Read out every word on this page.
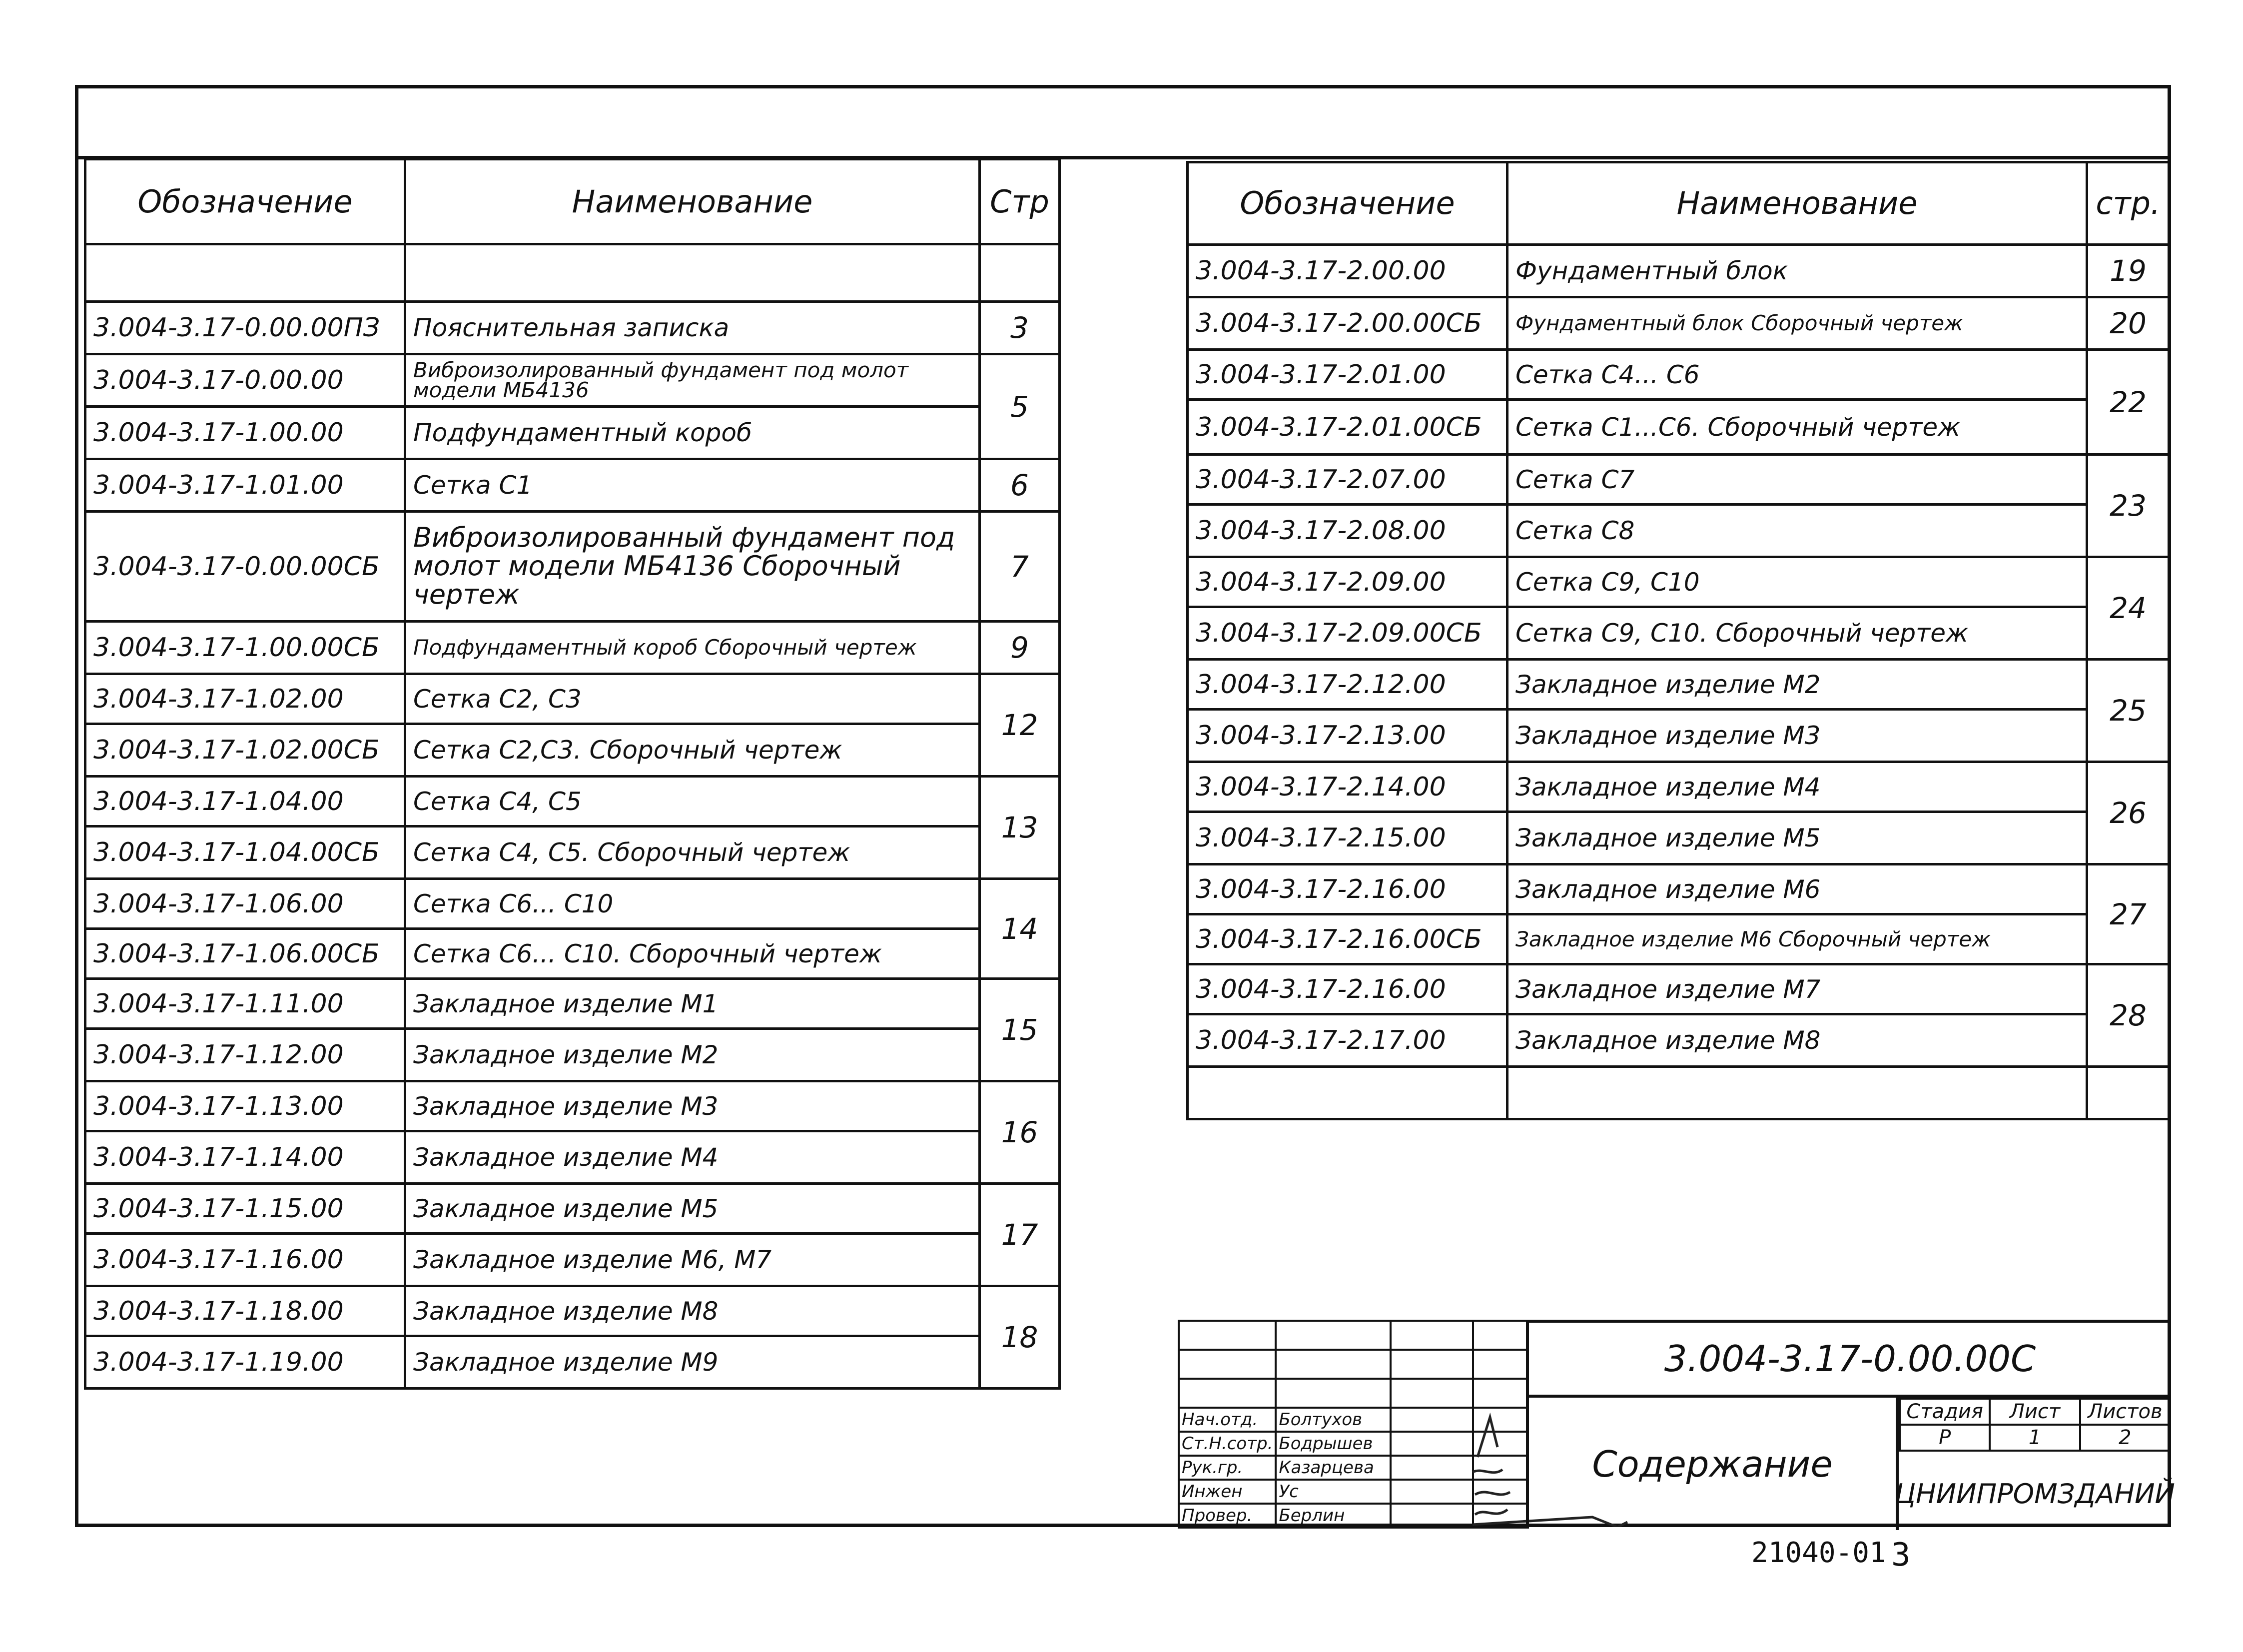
Обозначение	Наименование	Стр

3.004-3.17-0.00.00ПЗ	Пояснительная записка	3
3.004-3.17-0.00.00	Виброизолированный фундамент под молот модели МБ4136	5
3.004-3.17-1.00.00	Подфундаментный короб	
3.004-3.17-1.01.00	Сетка С1	6
3.004-3.17-0.00.00СБ	Виброизолированный фундамент под молот модели МБ4136 Сборочный чертеж	7
3.004-3.17-1.00.00СБ	Подфундаментный короб Сборочный чертеж	9
3.004-3.17-1.02.00	Сетка С2, С3	12
3.004-3.17-1.02.00СБ	Сетка С2,С3. Сборочный чертеж	
3.004-3.17-1.04.00	Сетка С4, С5	13
3.004-3.17-1.04.00СБ	Сетка С4, С5. Сборочный чертеж	
3.004-3.17-1.06.00	Сетка С6... С10	14
3.004-3.17-1.06.00СБ	Сетка С6... С10. Сборочный чертеж	
3.004-3.17-1.11.00	Закладное изделие М1	15
3.004-3.17-1.12.00	Закладное изделие М2	
3.004-3.17-1.13.00	Закладное изделие М3	16
3.004-3.17-1.14.00	Закладное изделие М4	
3.004-3.17-1.15.00	Закладное изделие М5	17
3.004-3.17-1.16.00	Закладное изделие М6, М7	
3.004-3.17-1.18.00	Закладное изделие М8	18
3.004-3.17-1.19.00	Закладное изделие М9	
Обозначение	Наименование	стр.
3.004-3.17-2.00.00	Фундаментный блок	19
3.004-3.17-2.00.00СБ	Фундаментный блок Сборочный чертеж	20
3.004-3.17-2.01.00	Сетка С4... С6	22
3.004-3.17-2.01.00СБ	Сетка С1...С6. Сборочный чертеж	
3.004-3.17-2.07.00	Сетка С7	23
3.004-3.17-2.08.00	Сетка С8	
3.004-3.17-2.09.00	Сетка С9, С10	24
3.004-3.17-2.09.00СБ	Сетка С9, С10. Сборочный чертеж	
3.004-3.17-2.12.00	Закладное изделие М2	25
3.004-3.17-2.13.00	Закладное изделие М3	
3.004-3.17-2.14.00	Закладное изделие М4	26
3.004-3.17-2.15.00	Закладное изделие М5	
3.004-3.17-2.16.00	Закладное изделие М6	27
3.004-3.17-2.16.00СБ	Закладное изделие М6 Сборочный чертеж	
3.004-3.17-2.16.00	Закладное изделие М7	28
3.004-3.17-2.17.00	Закладное изделие М8	

Нач.отд.	Болтухов		
Ст.Н.сотр.	Бодрышев		
Рук.гр.	Казарцева		
Инжен	Ус		
Провер.	Берлин		
3.004-3.17-0.00.00С
Содержание
Стадия	Лист	Листов
Р	1	2
ЦНИИПРОМЗДАНИЙ
21040-01 3
